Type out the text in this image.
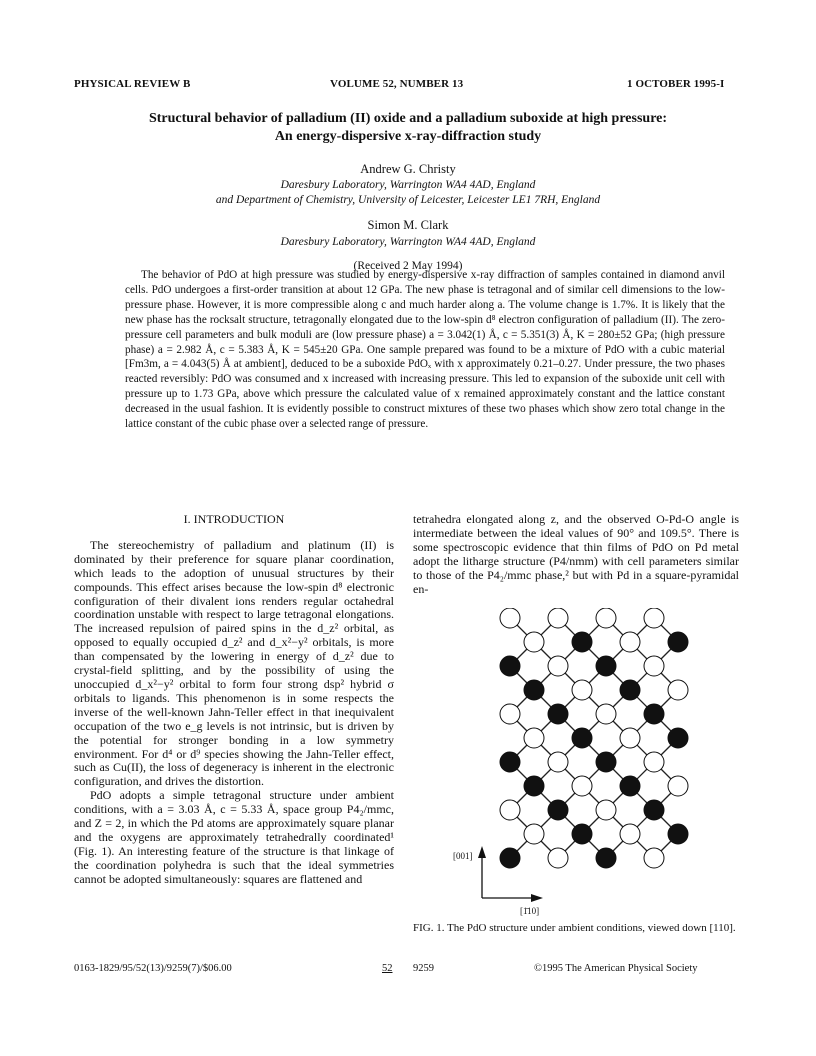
PHYSICAL REVIEW B	VOLUME 52, NUMBER 13	1 OCTOBER 1995-I
Structural behavior of palladium (II) oxide and a palladium suboxide at high pressure:
An energy-dispersive x-ray-diffraction study
Andrew G. Christy
Daresbury Laboratory, Warrington WA4 4AD, England
and Department of Chemistry, University of Leicester, Leicester LE1 7RH, England
Simon M. Clark
Daresbury Laboratory, Warrington WA4 4AD, England
(Received 2 May 1994)

The behavior of PdO at high pressure was studied by energy-dispersive x-ray diffraction of samples contained in diamond anvil cells. PdO undergoes a first-order transition at about 12 GPa. The new phase is tetragonal and of similar cell dimensions to the low-pressure phase. However, it is more compressible along c and much harder along a. The volume change is 1.7%. It is likely that the new phase has the rocksalt structure, tetragonally elongated due to the low-spin d⁸ electron configuration of palladium (II). The zero-pressure cell parameters and bulk moduli are (low pressure phase) a = 3.042(1) Å, c = 5.351(3) Å, K = 280±52 GPa; (high pressure phase) a = 2.982 Å, c = 5.383 Å, K = 545±20 GPa. One sample prepared was found to be a mixture of PdO with a cubic material [Fm3m, a = 4.043(5) Å at ambient], deduced to be a suboxide PdOₓ with x approximately 0.21–0.27. Under pressure, the two phases reacted reversibly: PdO was consumed and x increased with increasing pressure. This led to expansion of the suboxide unit cell with pressure up to 1.73 GPa, above which pressure the calculated value of x remained approximately constant and the lattice constant decreased in the usual fashion. It is evidently possible to construct mixtures of these two phases which show zero total change in the lattice constant of the cubic phase over a selected range of pressure.

I. INTRODUCTION

The stereochemistry of palladium and platinum (II) is dominated by their preference for square planar coordination, which leads to the adoption of unusual structures by their compounds. This effect arises because the low-spin d⁸ electronic configuration of their divalent ions renders regular octahedral coordination unstable with respect to large tetragonal elongations. The increased repulsion of paired spins in the d_z² orbital, as opposed to equally occupied d_z² and d_x²−y² orbitals, is more than compensated by the lowering in energy of d_z² due to crystal-field splitting, and by the possibility of using the unoccupied d_x²−y² orbital to form four strong dsp² hybrid σ orbitals to ligands. This phenomenon is in some respects the inverse of the well-known Jahn-Teller effect in that inequivalent occupation of the two e_g levels is not intrinsic, but is driven by the potential for stronger bonding in a low symmetry environment. For d⁴ or d⁹ species showing the Jahn-Teller effect, such as Cu(II), the loss of degeneracy is inherent in the electronic configuration, and drives the distortion.

PdO adopts a simple tetragonal structure under ambient conditions, with a = 3.03 Å, c = 5.33 Å, space group P4₂/mmc, and Z = 2, in which the Pd atoms are approximately square planar and the oxygens are approximately tetrahedrally coordinated¹ (Fig. 1). An interesting feature of the structure is that linkage of the coordination polyhedra is such that the ideal symmetries cannot be adopted simultaneously: squares are flattened and

tetrahedra elongated along z, and the observed O-Pd-O angle is intermediate between the ideal values of 90° and 109.5°. There is some spectroscopic evidence that thin films of PdO on Pd metal adopt the litharge structure (P4/nmm) with cell parameters similar to those of the P4₂/mmc phase,² but with Pd in a square-pyramidal en-

[001]
[1̄10]
FIG. 1. The PdO structure under ambient conditions, viewed down [110].
0163-1829/95/52(13)/9259(7)/$06.00	52 9259	©1995 The American Physical Society
